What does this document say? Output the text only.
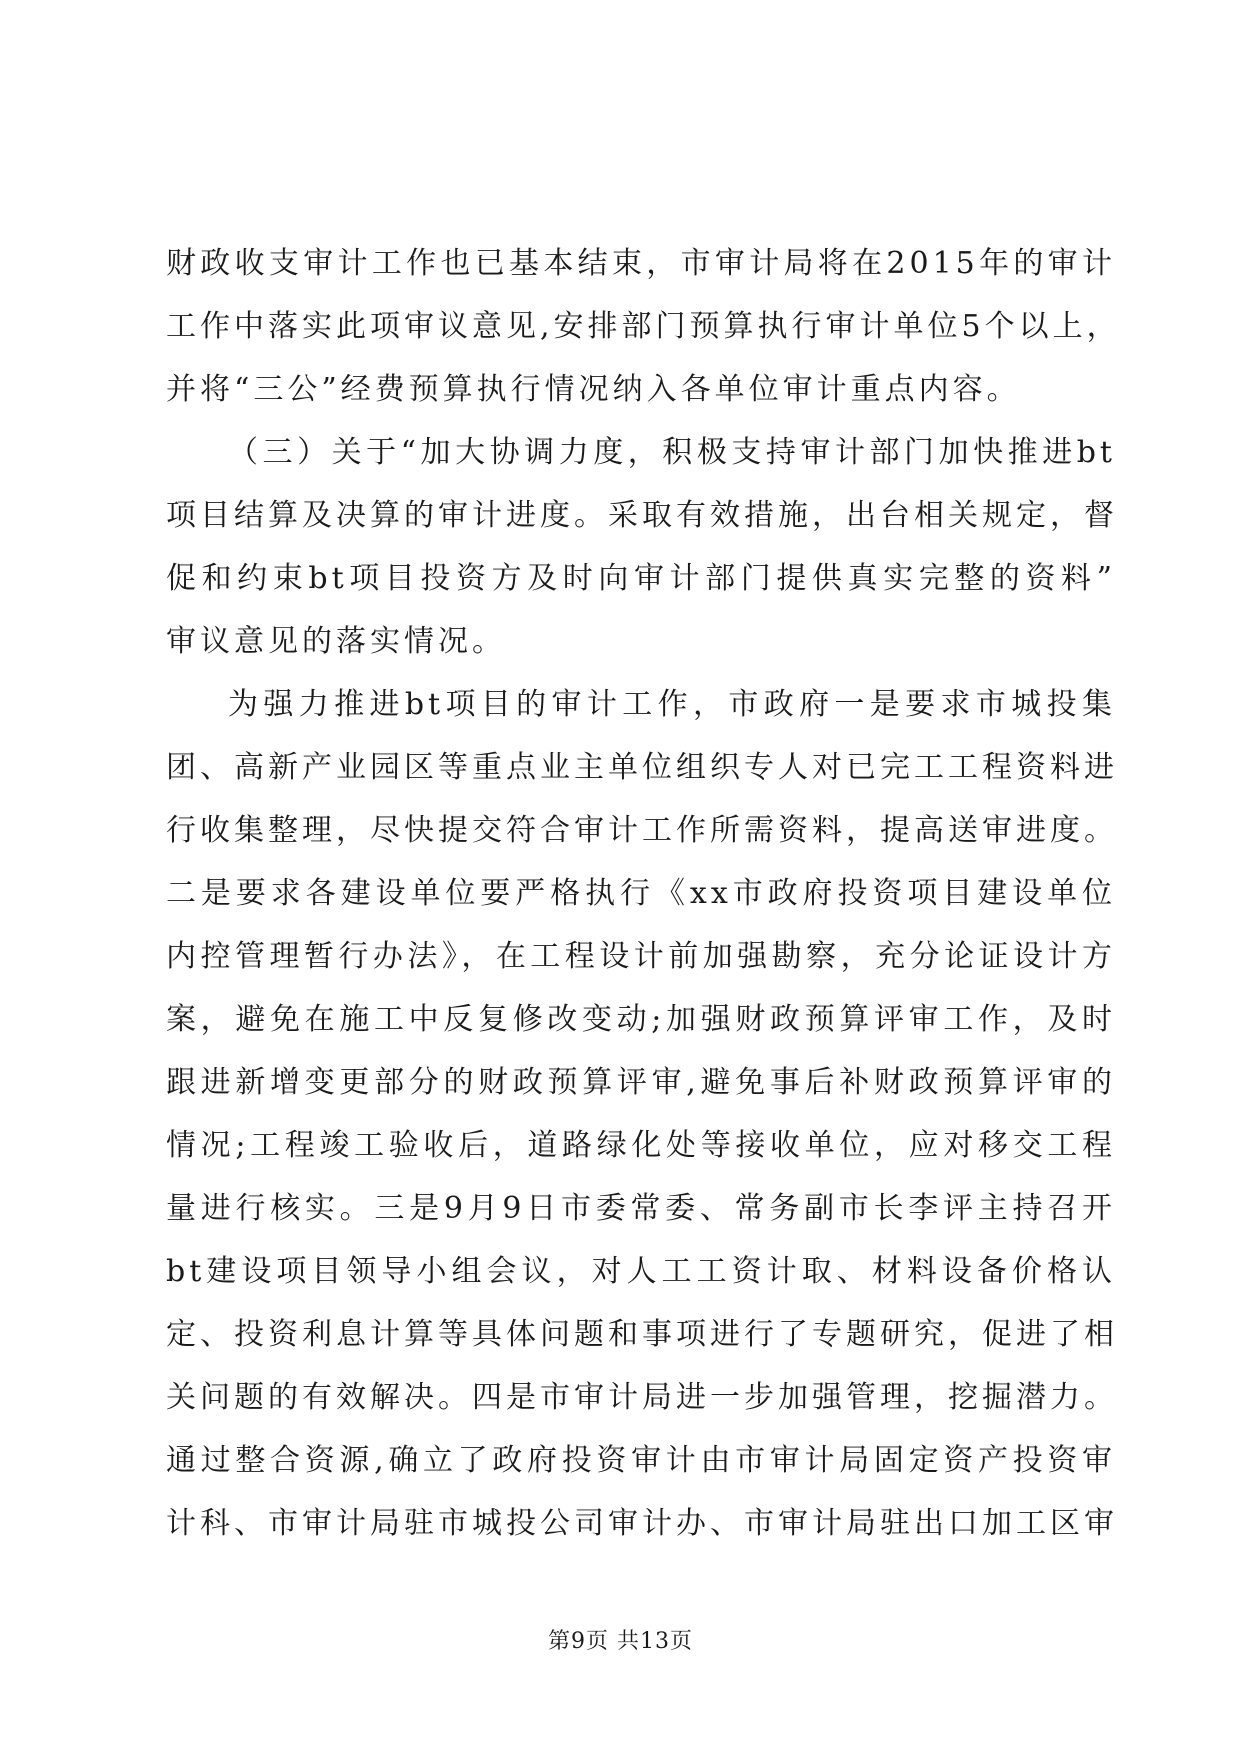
财政收支审计工作也已基本结束，市审计局将在2015年的审计
工作中落实此项审议意见,安排部门预算执行审计单位5个以上，
并将“三公”经费预算执行情况纳入各单位审计重点内容。
（三）关于“加大协调力度，积极支持审计部门加快推进bt
项目结算及决算的审计进度。采取有效措施，出台相关规定，督
促和约束bt项目投资方及时向审计部门提供真实完整的资料”
审议意见的落实情况。
为强力推进bt项目的审计工作，市政府一是要求市城投集
团、高新产业园区等重点业主单位组织专人对已完工工程资料进
行收集整理，尽快提交符合审计工作所需资料，提高送审进度。
二是要求各建设单位要严格执行《xx市政府投资项目建设单位
内控管理暂行办法》，在工程设计前加强勘察，充分论证设计方
案，避免在施工中反复修改变动;加强财政预算评审工作，及时
跟进新增变更部分的财政预算评审,避免事后补财政预算评审的
情况;工程竣工验收后，道路绿化处等接收单位，应对移交工程
量进行核实。三是9月9日市委常委、常务副市长李评主持召开
bt建设项目领导小组会议，对人工工资计取、材料设备价格认
定、投资利息计算等具体问题和事项进行了专题研究，促进了相
关问题的有效解决。四是市审计局进一步加强管理，挖掘潜力。
通过整合资源,确立了政府投资审计由市审计局固定资产投资审
计科、市审计局驻市城投公司审计办、市审计局驻出口加工区审
第9页 共13页
